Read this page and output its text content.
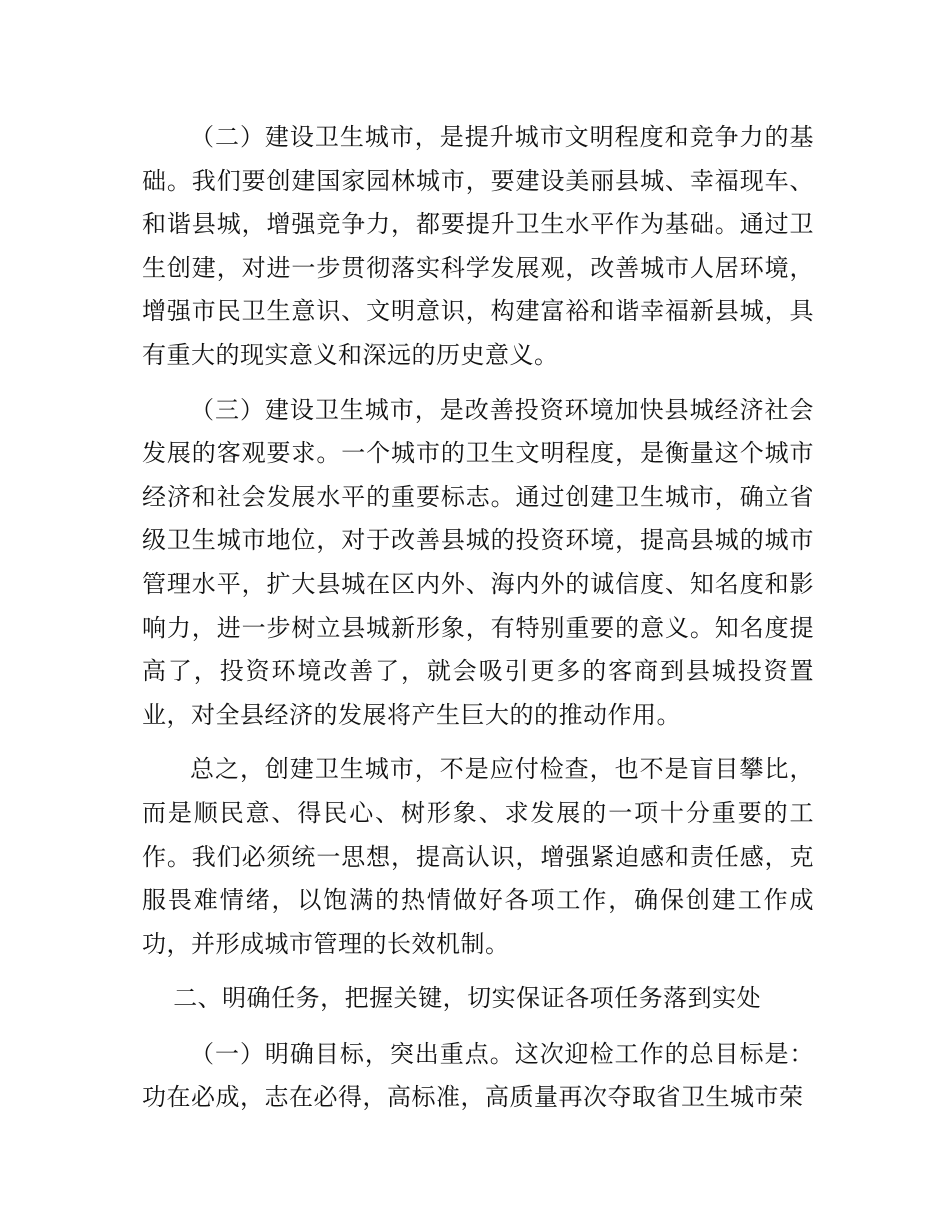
（二）建设卫生城市，是提升城市文明程度和竞争力的基础。我们要创建国家园林城市，要建设美丽县城、幸福现车、和谐县城，增强竞争力，都要提升卫生水平作为基础。通过卫生创建，对进一步贯彻落实科学发展观，改善城市人居环境，增强市民卫生意识、文明意识，构建富裕和谐幸福新县城，具有重大的现实意义和深远的历史意义。

（三）建设卫生城市，是改善投资环境加快县城经济社会发展的客观要求。一个城市的卫生文明程度，是衡量这个城市经济和社会发展水平的重要标志。通过创建卫生城市，确立省级卫生城市地位，对于改善县城的投资环境，提高县城的城市管理水平，扩大县城在区内外、海内外的诚信度、知名度和影响力，进一步树立县城新形象，有特别重要的意义。知名度提高了，投资环境改善了，就会吸引更多的客商到县城投资置业，对全县经济的发展将产生巨大的的推动作用。

总之，创建卫生城市，不是应付检查，也不是盲目攀比，而是顺民意、得民心、树形象、求发展的一项十分重要的工作。我们必须统一思想，提高认识，增强紧迫感和责任感，克服畏难情绪，以饱满的热情做好各项工作，确保创建工作成功，并形成城市管理的长效机制。

二、明确任务，把握关键，切实保证各项任务落到实处

（一）明确目标，突出重点。这次迎检工作的总目标是：功在必成，志在必得，高标准，高质量再次夺取省卫生城市荣
